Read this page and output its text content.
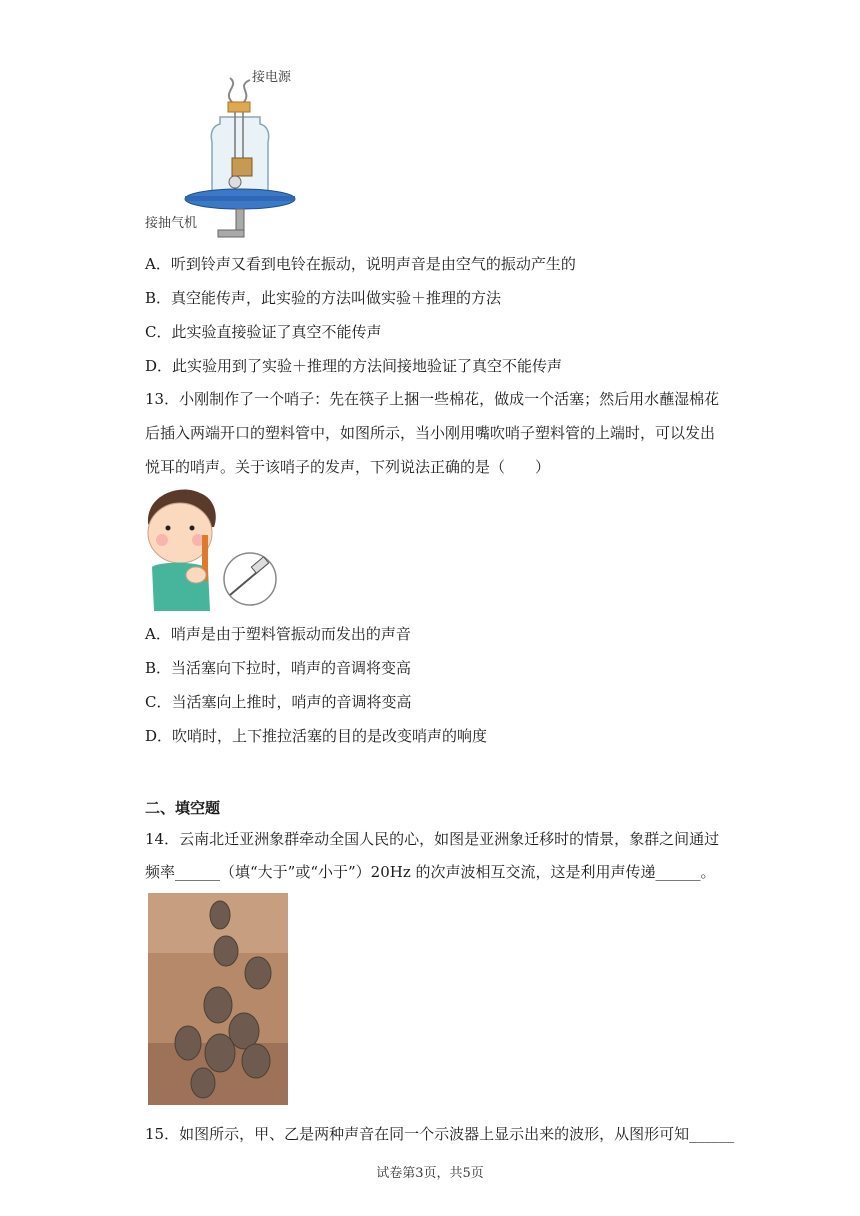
接电源
接抽气机
A．听到铃声又看到电铃在振动，说明声音是由空气的振动产生的
B．真空能传声，此实验的方法叫做实验＋推理的方法
C．此实验直接验证了真空不能传声
D．此实验用到了实验＋推理的方法间接地验证了真空不能传声
13．小刚制作了一个哨子：先在筷子上捆一些棉花，做成一个活塞；然后用水蘸湿棉花
后插入两端开口的塑料管中，如图所示，当小刚用嘴吹哨子塑料管的上端时，可以发出
悦耳的哨声。关于该哨子的发声，下列说法正确的是（　　）
A．哨声是由于塑料管振动而发出的声音
B．当活塞向下拉时，哨声的音调将变高
C．当活塞向上推时，哨声的音调将变高
D．吹哨时，上下推拉活塞的目的是改变哨声的响度
二、填空题
14．云南北迁亚洲象群牵动全国人民的心，如图是亚洲象迁移时的情景，象群之间通过
频率______（填“大于”或“小于”）20Hz 的次声波相互交流，这是利用声传递______。
15．如图所示，甲、乙是两种声音在同一个示波器上显示出来的波形，从图形可知______
试卷第3页，共5页
